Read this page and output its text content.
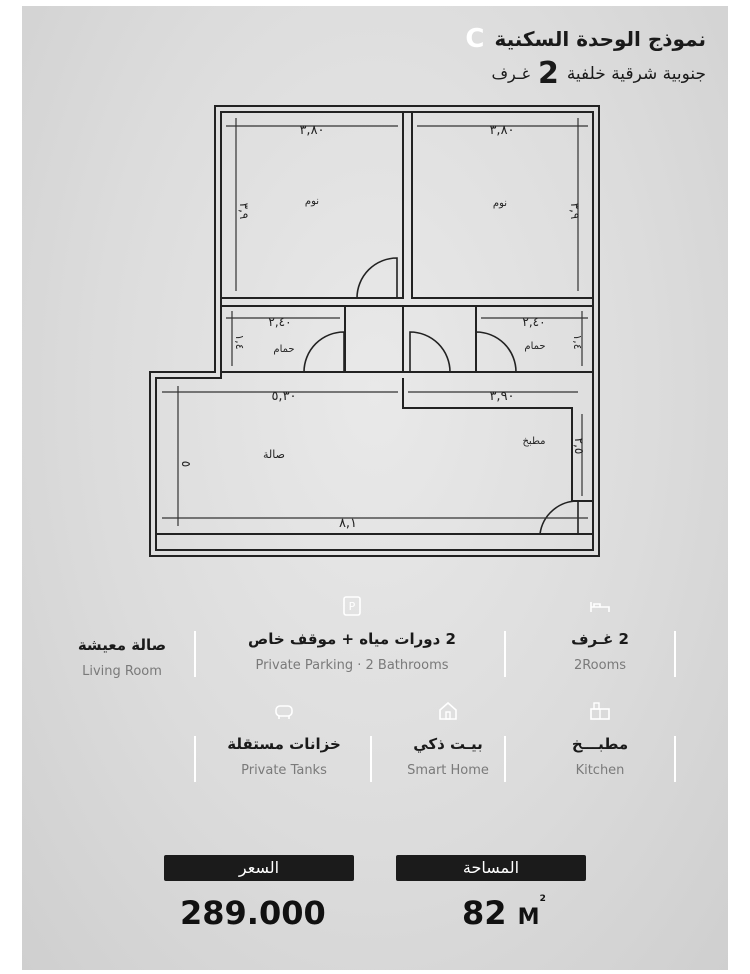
نموذج الوحدة السكنية
C
جنوبية شرقية خلفية
2
غـرف
نوم	نوم
حمام	حمام
صالة
مطبخ
٣,٨٠	٣,٨٠
٣,٩	٣,٩
٢,٤٠	٢,٤٠
١,٤	١,٤
٥,٣٠	٣,٩٠
٥
٢,٥
٨,١
صالة معيشة
Living Room
P
2 دورات مياه + موقف خاص
Private Parking · 2 Bathrooms
2 غـرف
2Rooms
خزانات مستقلة
Private Tanks
بيـت ذكي
Smart Home
مطبـــخ
Kitchen
السعر
289.000
المساحة
82 $M^2$
